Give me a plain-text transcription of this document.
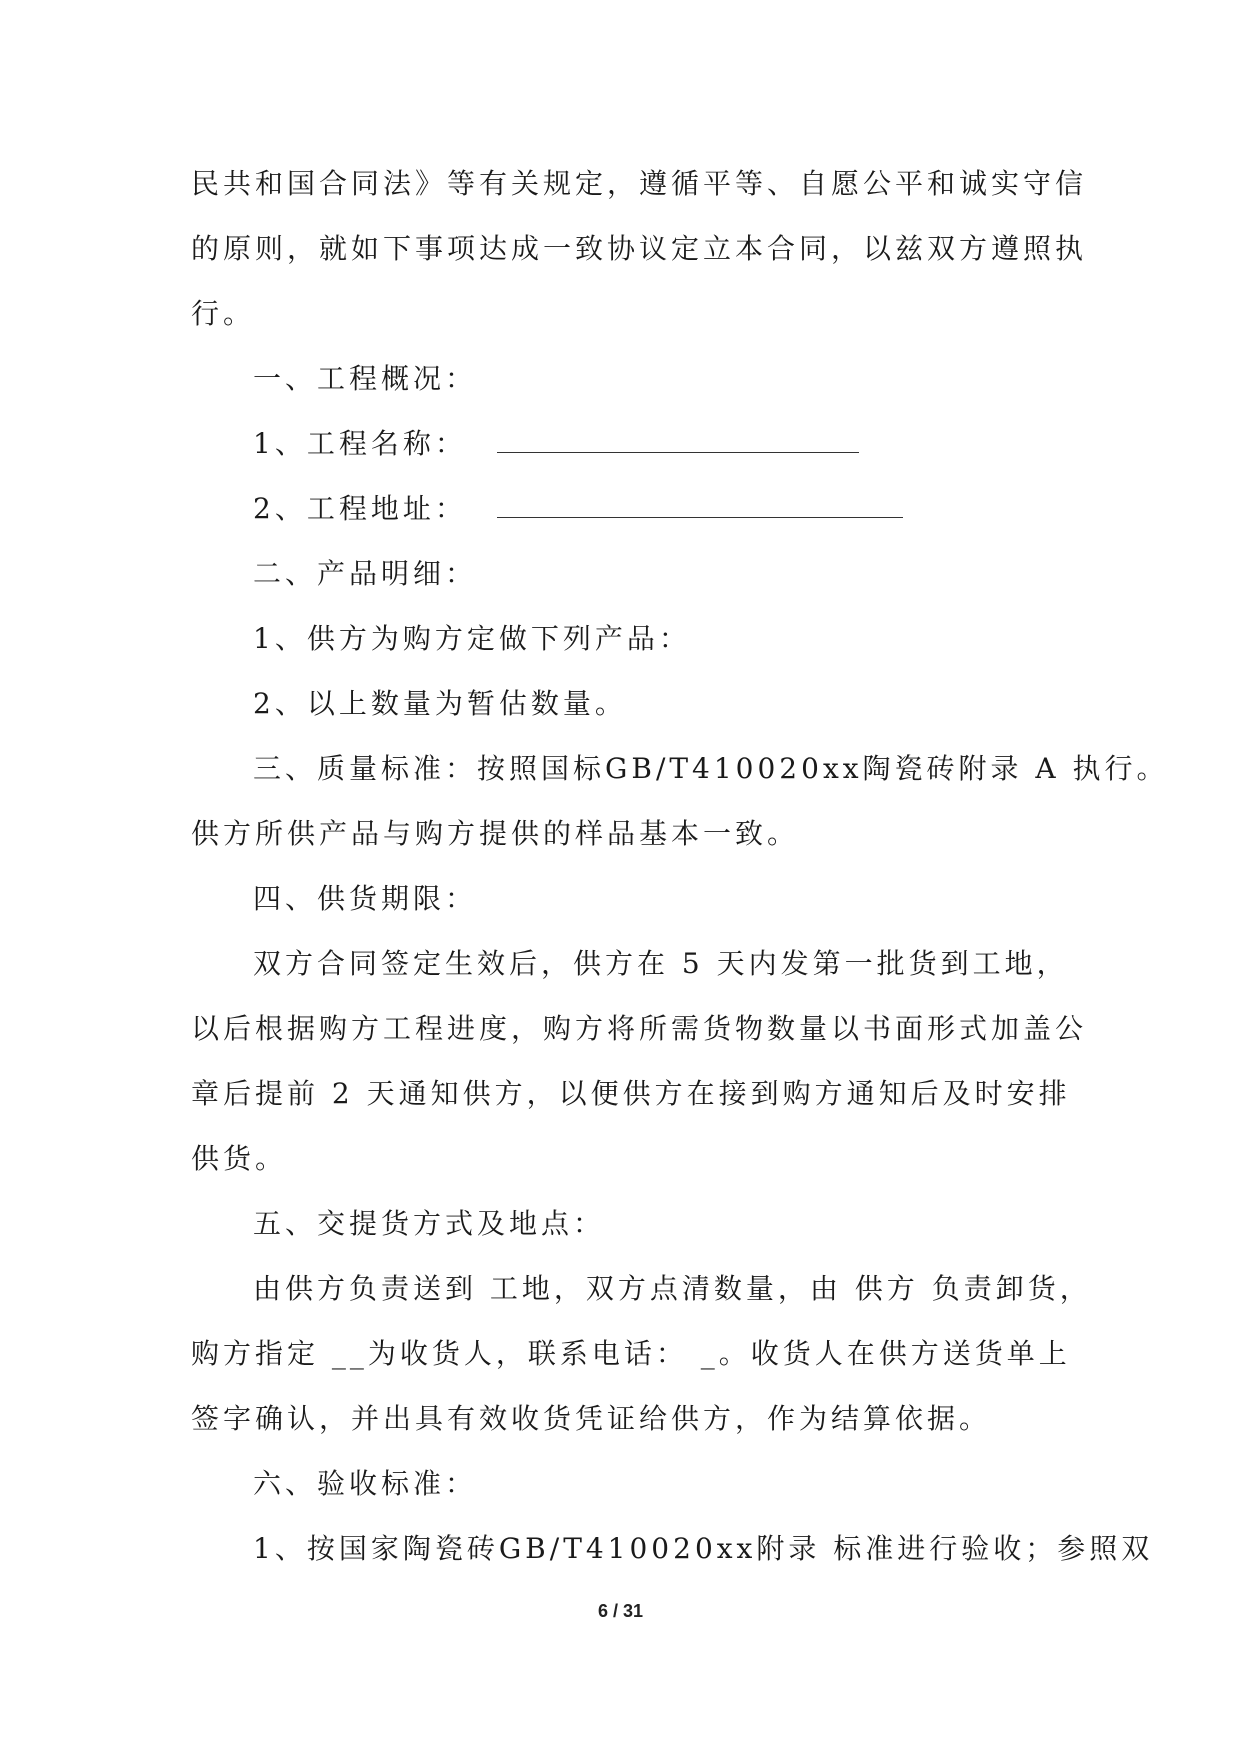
民共和国合同法》等有关规定，遵循平等、自愿公平和诚实守信
的原则，就如下事项达成一致协议定立本合同，以兹双方遵照执
行。
一、工程概况：
1、工程名称：
2、工程地址：
二、产品明细：
1、供方为购方定做下列产品：
2、以上数量为暂估数量。
三、质量标准：按照国标GB/T410020xx陶瓷砖附录 A 执行。
供方所供产品与购方提供的样品基本一致。
四、供货期限：
双方合同签定生效后，供方在 5 天内发第一批货到工地，
以后根据购方工程进度，购方将所需货物数量以书面形式加盖公
章后提前 2 天通知供方，以便供方在接到购方通知后及时安排
供货。
五、交提货方式及地点：
由供方负责送到 工地，双方点清数量，由 供方 负责卸货，
购方指定 __为收货人，联系电话： _。收货人在供方送货单上
签字确认，并出具有效收货凭证给供方，作为结算依据。
六、验收标准：
1、按国家陶瓷砖GB/T410020xx附录 标准进行验收；参照双
6 / 31
